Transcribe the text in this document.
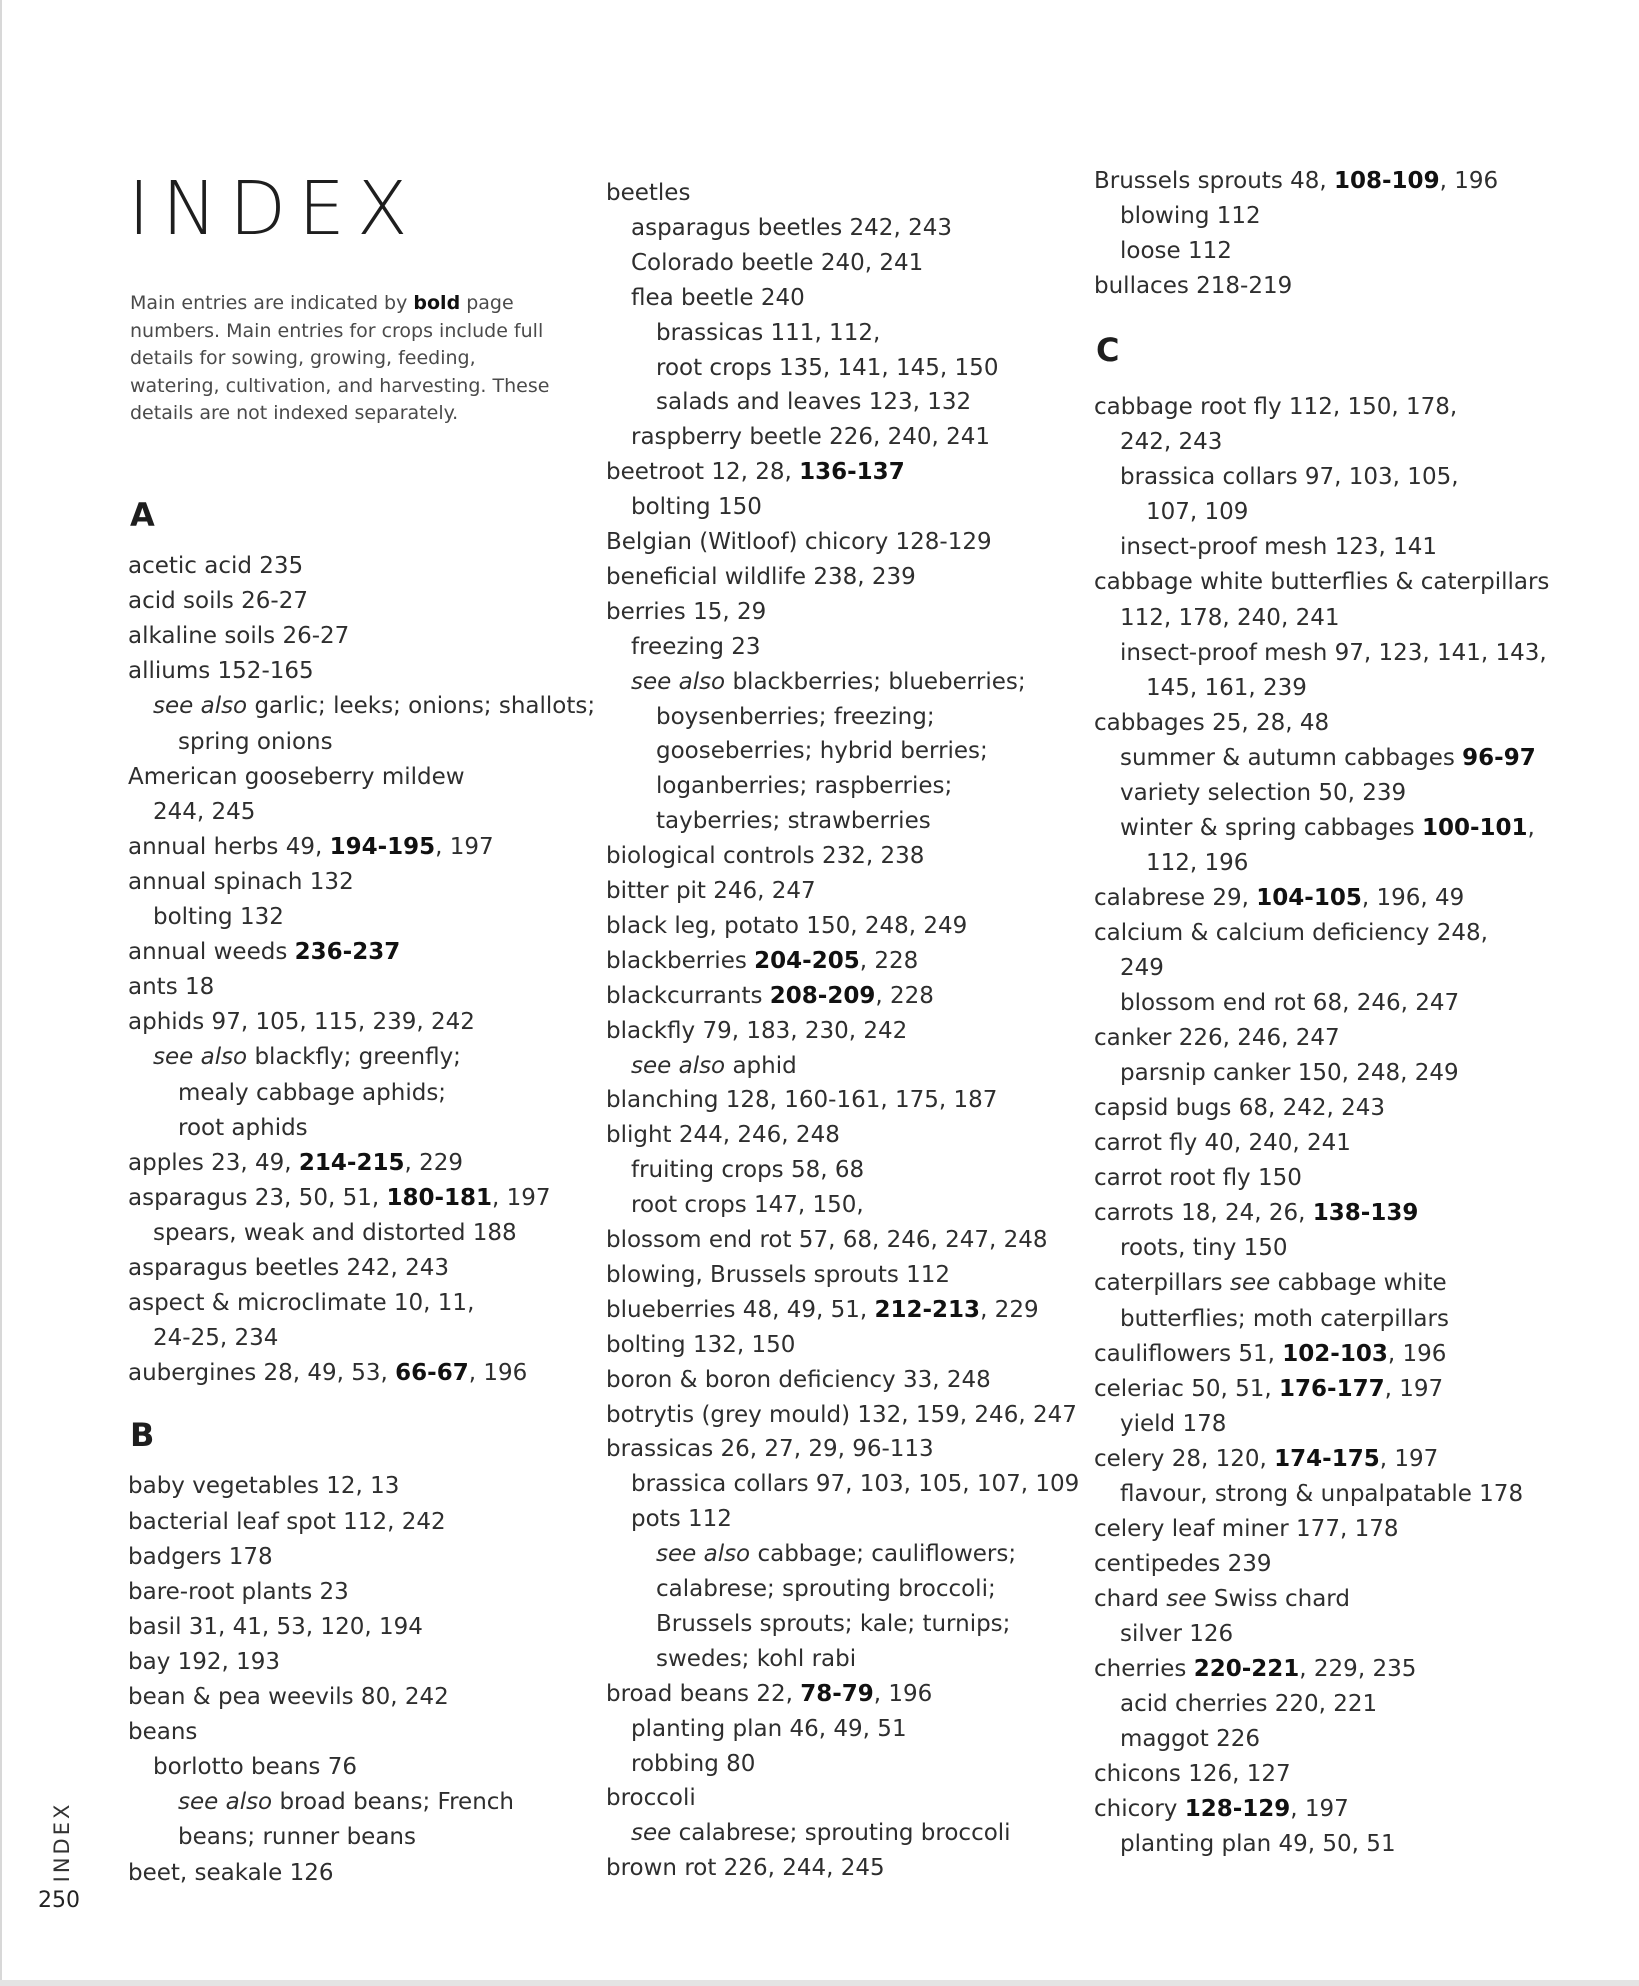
INDEX

Main entries are indicated by bold page numbers. Main entries for crops include full details for sowing, growing, feeding, watering, cultivation, and harvesting. These details are not indexed separately.

A
acetic acid 235
acid soils 26-27
alkaline soils 26-27
alliums 152-165
see also garlic; leeks; onions; shallots;
spring onions
American gooseberry mildew
244, 245
annual herbs 49, 194-195, 197
annual spinach 132
bolting 132
annual weeds 236-237
ants 18
aphids 97, 105, 115, 239, 242
see also blackfly; greenfly;
mealy cabbage aphids;
root aphids
apples 23, 49, 214-215, 229
asparagus 23, 50, 51, 180-181, 197
spears, weak and distorted 188
asparagus beetles 242, 243
aspect & microclimate 10, 11,
24-25, 234
aubergines 28, 49, 53, 66-67, 196
B
baby vegetables 12, 13
bacterial leaf spot 112, 242
badgers 178
bare-root plants 23
basil 31, 41, 53, 120, 194
bay 192, 193
bean & pea weevils 80, 242
beans
borlotto beans 76
see also broad beans; French
beans; runner beans
beet, seakale 126
beetles
asparagus beetles 242, 243
Colorado beetle 240, 241
flea beetle 240
brassicas 111, 112,
root crops 135, 141, 145, 150
salads and leaves 123, 132
raspberry beetle 226, 240, 241
beetroot 12, 28, 136-137
bolting 150
Belgian (Witloof) chicory 128-129
beneficial wildlife 238, 239
berries 15, 29
freezing 23
see also blackberries; blueberries;
boysenberries; freezing;
gooseberries; hybrid berries;
loganberries; raspberries;
tayberries; strawberries
biological controls 232, 238
bitter pit 246, 247
black leg, potato 150, 248, 249
blackberries 204-205, 228
blackcurrants 208-209, 228
blackfly 79, 183, 230, 242
see also aphid
blanching 128, 160-161, 175, 187
blight 244, 246, 248
fruiting crops 58, 68
root crops 147, 150,
blossom end rot 57, 68, 246, 247, 248
blowing, Brussels sprouts 112
blueberries 48, 49, 51, 212-213, 229
bolting 132, 150
boron & boron deficiency 33, 248
botrytis (grey mould) 132, 159, 246, 247
brassicas 26, 27, 29, 96-113
brassica collars 97, 103, 105, 107, 109
pots 112
see also cabbage; cauliflowers;
calabrese; sprouting broccoli;
Brussels sprouts; kale; turnips;
swedes; kohl rabi
broad beans 22, 78-79, 196
planting plan 46, 49, 51
robbing 80
broccoli
see calabrese; sprouting broccoli
brown rot 226, 244, 245
Brussels sprouts 48, 108-109, 196
blowing 112
loose 112
bullaces 218-219
C
cabbage root fly 112, 150, 178,
242, 243
brassica collars 97, 103, 105,
107, 109
insect-proof mesh 123, 141
cabbage white butterflies & caterpillars
112, 178, 240, 241
insect-proof mesh 97, 123, 141, 143,
145, 161, 239
cabbages 25, 28, 48
summer & autumn cabbages 96-97
variety selection 50, 239
winter & spring cabbages 100-101,
112, 196
calabrese 29, 104-105, 196, 49
calcium & calcium deficiency 248,
249
blossom end rot 68, 246, 247
canker 226, 246, 247
parsnip canker 150, 248, 249
capsid bugs 68, 242, 243
carrot fly 40, 240, 241
carrot root fly 150
carrots 18, 24, 26, 138-139
roots, tiny 150
caterpillars see cabbage white
butterflies; moth caterpillars
cauliflowers 51, 102-103, 196
celeriac 50, 51, 176-177, 197
yield 178
celery 28, 120, 174-175, 197
flavour, strong & unpalpatable 178
celery leaf miner 177, 178
centipedes 239
chard see Swiss chard
silver 126
cherries 220-221, 229, 235
acid cherries 220, 221
maggot 226
chicons 126, 127
chicory 128-129, 197
planting plan 49, 50, 51
INDEX
250
